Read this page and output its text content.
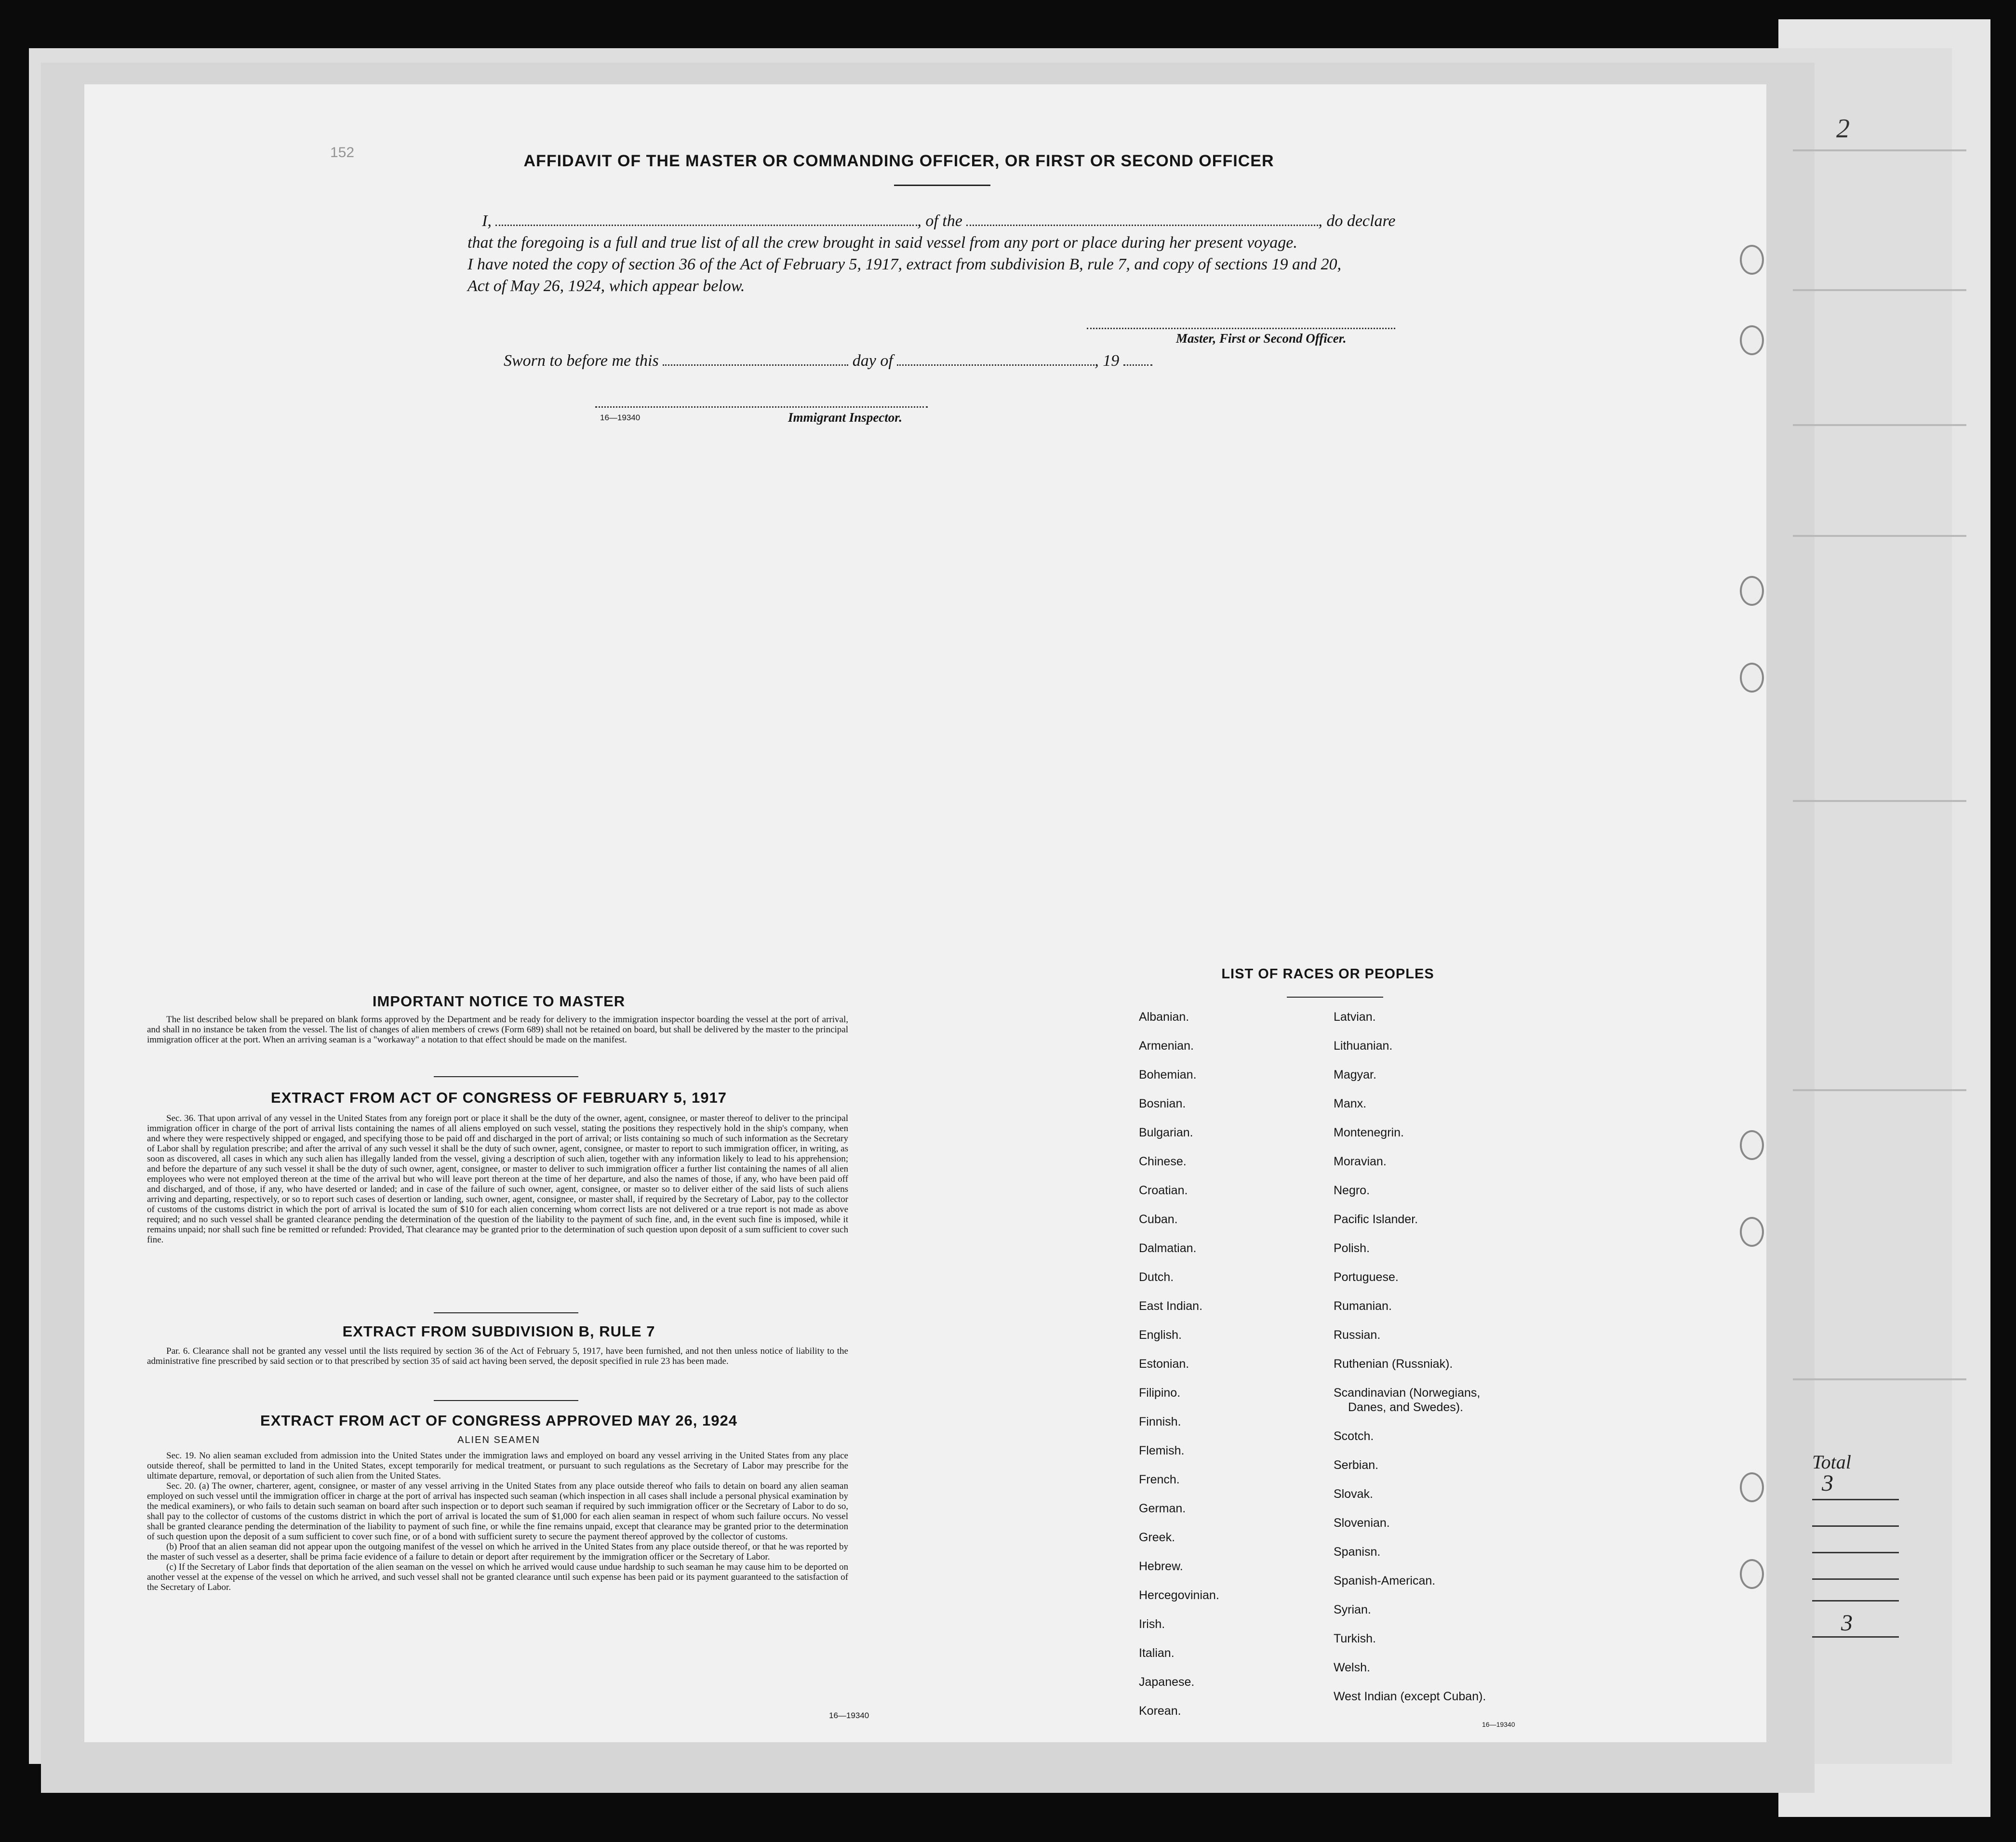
2
152	AFFIDAVIT OF THE MASTER OR COMMANDING OFFICER, OR FIRST OR SECOND OFFICER
I,	, of the	, do declare
that the foregoing is a full and true list of all the crew brought in said vessel from any port or place during her present voyage.
I have noted the copy of section 36 of the Act of February 5, 1917, extract from subdivision B, rule 7, and copy of sections 19 and 20,
Act of May 26, 1924, which appear below.
Master, First or Second Officer.
Sworn to before me this	day of	, 19
16—19340	Immigrant Inspector.
IMPORTANT NOTICE TO MASTER

The list described below shall be prepared on blank forms approved by the Department and be ready for delivery to the immigration inspector boarding the vessel at the port of arrival, and shall in no instance be taken from the vessel. The list of changes of alien members of crews (Form 689) shall not be retained on board, but shall be delivered by the master to the principal immigration officer at the port. When an arriving seaman is a "workaway" a notation to that effect should be made on the manifest.

EXTRACT FROM ACT OF CONGRESS OF FEBRUARY 5, 1917

Sec. 36. That upon arrival of any vessel in the United States from any foreign port or place it shall be the duty of the owner, agent, consignee, or master thereof to deliver to the principal immigration officer in charge of the port of arrival lists containing the names of all aliens employed on such vessel, stating the positions they respectively hold in the ship's company, when and where they were respectively shipped or engaged, and specifying those to be paid off and discharged in the port of arrival; or lists containing so much of such information as the Secretary of Labor shall by regulation prescribe; and after the arrival of any such vessel it shall be the duty of such owner, agent, consignee, or master to report to such immigration officer, in writing, as soon as discovered, all cases in which any such alien has illegally landed from the vessel, giving a description of such alien, together with any information likely to lead to his apprehension; and before the departure of any such vessel it shall be the duty of such owner, agent, consignee, or master to deliver to such immigration officer a further list containing the names of all alien employees who were not employed thereon at the time of the arrival but who will leave port thereon at the time of her departure, and also the names of those, if any, who have been paid off and discharged, and of those, if any, who have deserted or landed; and in case of the failure of such owner, agent, consignee, or master so to deliver either of the said lists of such aliens arriving and departing, respectively, or so to report such cases of desertion or landing, such owner, agent, consignee, or master shall, if required by the Secretary of Labor, pay to the collector of customs of the customs district in which the port of arrival is located the sum of $10 for each alien concerning whom correct lists are not delivered or a true report is not made as above required; and no such vessel shall be granted clearance pending the determination of the question of the liability to the payment of such fine, and, in the event such fine is imposed, while it remains unpaid; nor shall such fine be remitted or refunded: Provided, That clearance may be granted prior to the determination of such question upon deposit of a sum sufficient to cover such fine.

EXTRACT FROM SUBDIVISION B, RULE 7

Par. 6. Clearance shall not be granted any vessel until the lists required by section 36 of the Act of February 5, 1917, have been furnished, and not then unless notice of liability to the administrative fine prescribed by said section or to that prescribed by section 35 of said act having been served, the deposit specified in rule 23 has been made.

EXTRACT FROM ACT OF CONGRESS APPROVED MAY 26, 1924
ALIEN SEAMEN

Sec. 19. No alien seaman excluded from admission into the United States under the immigration laws and employed on board any vessel arriving in the United States from any place outside thereof, shall be permitted to land in the United States, except temporarily for medical treatment, or pursuant to such regulations as the Secretary of Labor may prescribe for the ultimate departure, removal, or deportation of such alien from the United States.

Sec. 20. (a) The owner, charterer, agent, consignee, or master of any vessel arriving in the United States from any place outside thereof who fails to detain on board any alien seaman employed on such vessel until the immigration officer in charge at the port of arrival has inspected such seaman (which inspection in all cases shall include a personal physical examination by the medical examiners), or who fails to detain such seaman on board after such inspection or to deport such seaman if required by such immigration officer or the Secretary of Labor to do so, shall pay to the collector of customs of the customs district in which the port of arrival is located the sum of $1,000 for each alien seaman in respect of whom such failure occurs. No vessel shall be granted clearance pending the determination of the liability to payment of such fine, or while the fine remains unpaid, except that clearance may be granted prior to the determination of such question upon the deposit of a sum sufficient to cover such fine, or of a bond with sufficient surety to secure the payment thereof approved by the collector of customs.

(b) Proof that an alien seaman did not appear upon the outgoing manifest of the vessel on which he arrived in the United States from any place outside thereof, or that he was reported by the master of such vessel as a deserter, shall be prima facie evidence of a failure to detain or deport after requirement by the immigration officer or the Secretary of Labor.

(c) If the Secretary of Labor finds that deportation of the alien seaman on the vessel on which he arrived would cause undue hardship to such seaman he may cause him to be deported on another vessel at the expense of the vessel on which he arrived, and such vessel shall not be granted clearance until such expense has been paid or its payment guaranteed to the satisfaction of the Secretary of Labor.

16—19340
LIST OF RACES OR PEOPLES
Albanian.
Armenian.
Bohemian.
Bosnian.
Bulgarian.
Chinese.
Croatian.
Cuban.
Dalmatian.
Dutch.
East Indian.
English.
Estonian.
Filipino.
Finnish.
Flemish.
French.
German.
Greek.
Hebrew.
Hercegovinian.
Irish.
Italian.
Japanese.
Korean.
Latvian.
Lithuanian.
Magyar.
Manx.
Montenegrin.
Moravian.
Negro.
Pacific Islander.
Polish.
Portuguese.
Rumanian.
Russian.
Ruthenian (Russniak).
Scandinavian (Norwegians,
Danes, and Swedes).
Scotch.
Serbian.
Slovak.
Slovenian.
Spanisn.
Spanish-American.
Syrian.
Turkish.
Welsh.
West Indian (except Cuban).
16—19340
Total
3
3
